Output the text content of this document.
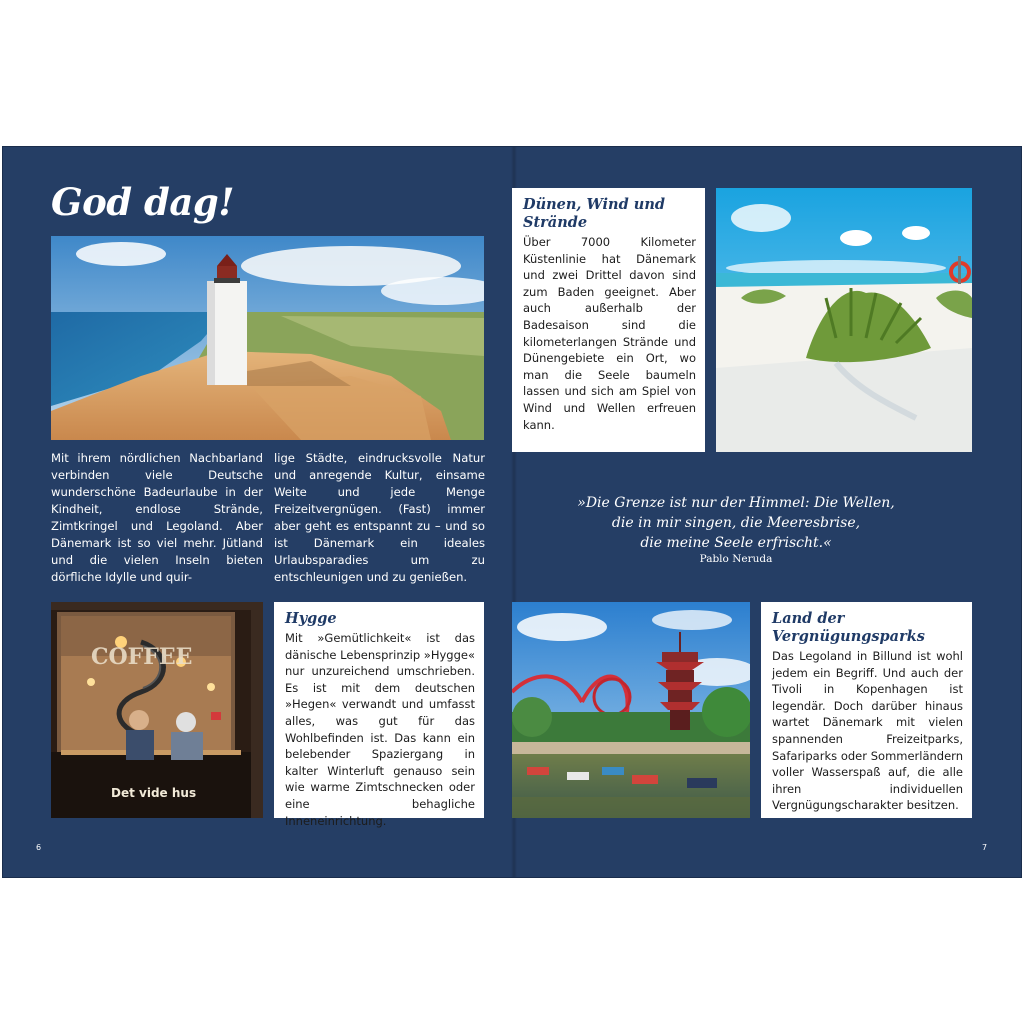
God dag!

Mit ihrem nördlichen Nachbarland verbinden viele Deutsche wunderschöne Badeurlaube in der Kindheit, endlose Strände, Zimtkringel und Legoland. Aber Dänemark ist so viel mehr. Jütland und die vielen Inseln bieten dörfliche Idylle und quir-

lige Städte, eindrucksvolle Natur und anregende Kultur, einsame Weite und jede Menge Freizeitvergnügen. (Fast) immer aber geht es entspannt zu – und so ist Dänemark ein ideales Urlaubsparadies um zu entschleunigen und zu genießen.

COFFEE
Det vide hus
Hygge

Mit »Gemütlichkeit« ist das dänische Lebensprinzip »Hygge« nur unzureichend umschrieben. Es ist mit dem deutschen »Hegen« verwandt und umfasst alles, was gut für das Wohlbefinden ist. Das kann ein belebender Spaziergang in kalter Winterluft genauso sein wie warme Zimtschnecken oder eine behagliche Inneneinrichtung.

6
Dünen, Wind und Strände

Über 7000 Kilometer Küstenlinie hat Dänemark und zwei Drittel davon sind zum Baden geeignet. Aber auch außerhalb der Badesaison sind die kilometerlangen Strände und Dünengebiete ein Ort, wo man die Seele baumeln lassen und sich am Spiel von Wind und Wellen erfreuen kann.

»Die Grenze ist nur der Himmel: Die Wellen,
die in mir singen, die Meeresbrise,
die meine Seele erfrischt.«

Pablo Neruda
Land der Vergnügungsparks

Das Legoland in Billund ist wohl jedem ein Begriff. Und auch der Tivoli in Kopenhagen ist legendär. Doch darüber hinaus wartet Dänemark mit vielen spannenden Freizeitparks, Safariparks oder Sommerländern voller Wasserspaß auf, die alle ihren individuellen Vergnügungscharakter besitzen.

7
